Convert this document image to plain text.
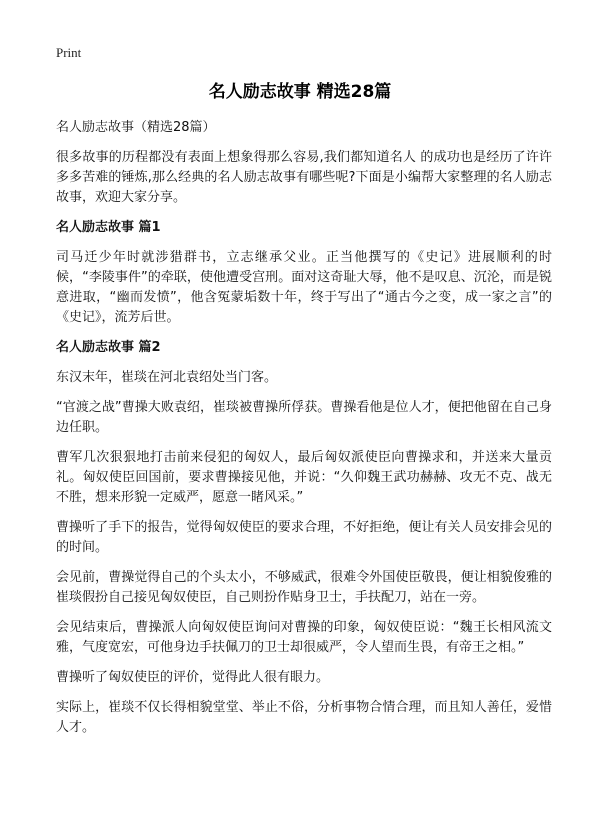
Print
名人励志故事 精选28篇

名人励志故事（精选28篇）

很多故事的历程都没有表面上想象得那么容易,我们都知道名人 的成功也是经历了许许多多苦难的锤炼,那么经典的名人励志故事有哪些呢?下面是小编帮大家整理的名人励志故事，欢迎大家分享。

名人励志故事 篇1

司马迁少年时就涉猎群书，立志继承父业。正当他撰写的《史记》进展顺利的时候，“李陵事件”的牵联，使他遭受宫刑。面对这奇耻大辱，他不是叹息、沉沦，而是锐意进取，“幽而发愤”，他含冤蒙垢数十年，终于写出了“通古今之变，成一家之言”的《史记》，流芳后世。

名人励志故事 篇2

东汉末年，崔琰在河北袁绍处当门客。

“官渡之战”曹操大败袁绍，崔琰被曹操所俘获。曹操看他是位人才，便把他留在自己身边任职。

曹军几次狠狠地打击前来侵犯的匈奴人，最后匈奴派使臣向曹操求和，并送来大量贡礼。匈奴使臣回国前，要求曹操接见他，并说：“久仰魏王武功赫赫、攻无不克、战无不胜，想来形貌一定威严，愿意一睹风采。”

曹操听了手下的报告，觉得匈奴使臣的要求合理，不好拒绝，便让有关人员安排会见的的时间。

会见前，曹操觉得自己的个头太小，不够威武，很难令外国使臣敬畏，便让相貌俊雅的崔琰假扮自己接见匈奴使臣，自己则扮作贴身卫士，手扶配刀，站在一旁。

会见结束后，曹操派人向匈奴使臣询问对曹操的印象，匈奴使臣说：“魏王长相风流文雅，气度宽宏，可他身边手扶佩刀的卫士却很威严，令人望而生畏，有帝王之相。”

曹操听了匈奴使臣的评价，觉得此人很有眼力。

实际上，崔琰不仅长得相貌堂堂、举止不俗，分析事物合情合理，而且知人善任，爱惜人才。
